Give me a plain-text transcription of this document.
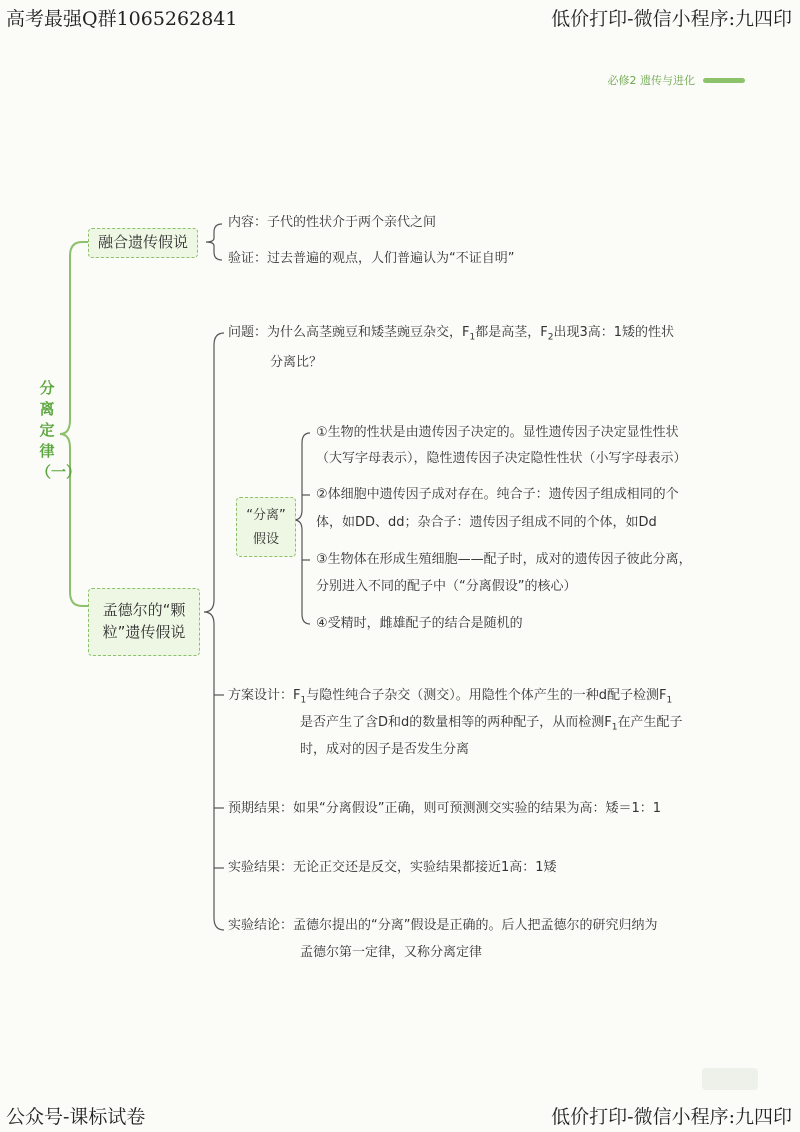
高考最强Q群1065262841	低价打印-微信小程序:九四印
公众号-课标试卷	低价打印-微信小程序:九四印
必修2 遗传与进化
分离定律（一）
融合遗传假说
内容：子代的性状介于两个亲代之间
验证：过去普遍的观点，人们普遍认为“不证自明”
孟德尔的“颗
粒”遗传假说
问题：为什么高茎豌豆和矮茎豌豆杂交，$F_1$都是高茎，$F_2$出现3高：1矮的性状
分离比？
“分离”
假设
①生物的性状是由遗传因子决定的。显性遗传因子决定显性性状
（大写字母表示），隐性遗传因子决定隐性性状（小写字母表示）
②体细胞中遗传因子成对存在。纯合子：遗传因子组成相同的个
体，如DD、dd；杂合子：遗传因子组成不同的个体，如Dd
③生物体在形成生殖细胞——配子时，成对的遗传因子彼此分离，
分别进入不同的配子中（“分离假设”的核心）
④受精时，雌雄配子的结合是随机的
方案设计：$F_1$与隐性纯合子杂交（测交）。用隐性个体产生的一种d配子检测$F_1$
是否产生了含D和d的数量相等的两种配子，从而检测$F_1$在产生配子
时，成对的因子是否发生分离
预期结果：如果“分离假设”正确，则可预测测交实验的结果为高：矮＝1：1
实验结果：无论正交还是反交，实验结果都接近1高：1矮
实验结论：孟德尔提出的“分离”假设是正确的。后人把孟德尔的研究归纳为
孟德尔第一定律，又称分离定律
